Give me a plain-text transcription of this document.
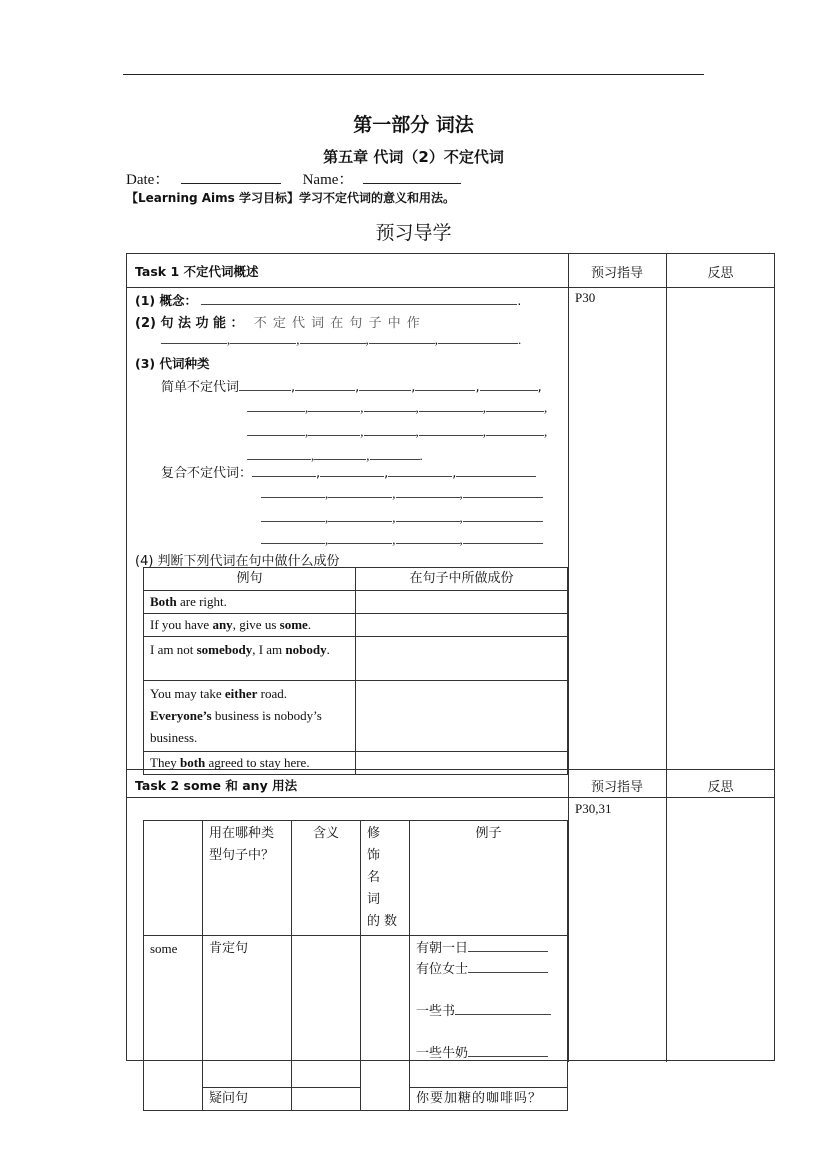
第一部分 词法
第五章 代词（2）不定代词
Date：	Name：
【Learning Aims 学习目标】学习不定代词的意义和用法。
预习导学
Task 1 不定代词概述	预习指导	反思
P30
(1) 概念：	.
(2) 句 法 功 能 ： 不 定 代 词 在 句 子 中 作
,	,	,	,	.
(3) 代词种类
简单不定代词	,	,	,	,	,
,	,	,	,	,
,	,	,	,	,
,	,	.
复合不定代词：	,	,	,
,	,	,
,	,	,
,	,	,
(4) 判断下列代词在句中做什么成份
例句	在句子中所做成份
Both are right.	
If you have any, give us some.	
I am not somebody, I am nobody.	
You may take either road. Everyone’s business is nobody’s business.	
They both agreed to stay here.	
Task 2 some 和 any 用法	预习指导	反思
P30,31
	用在哪种类型句子中？	含义	修 饰 名 词 的数	例子
some	肯定句			有朝一日
有位女士
一些书
一些牛奶

	疑问句			你要加糖的咖啡吗？
